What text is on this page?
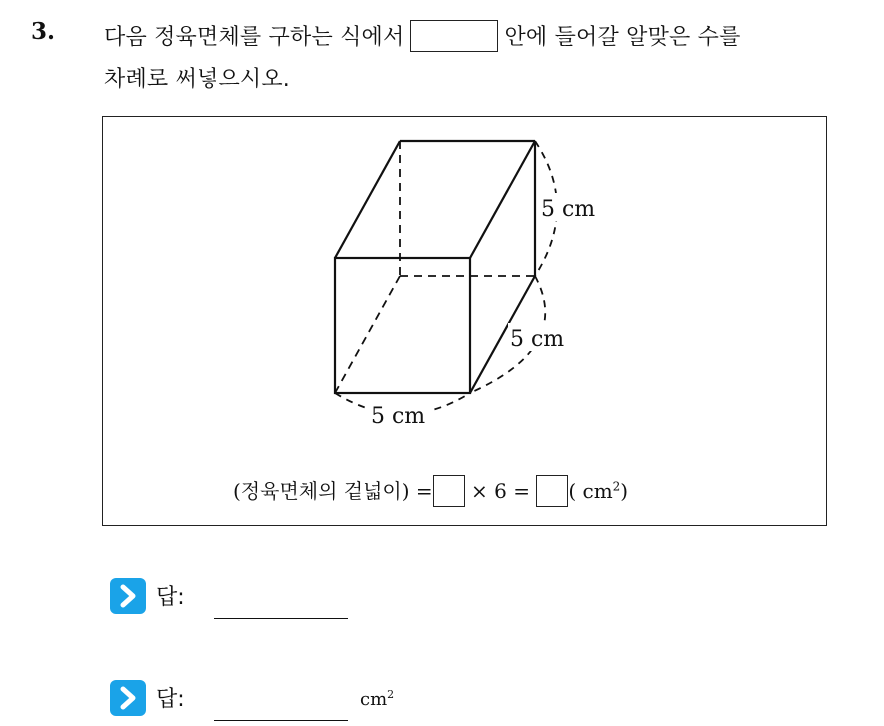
3. 다음 정육면체를 구하는 식에서	안에 들어갈 알맞은 수를
차례로 써넣으시오.
5 cm
5 cm
5 cm
(정육면체의 겉넓이) = × 6 = ( $cm^2$)
답:
답:	$cm^2$
